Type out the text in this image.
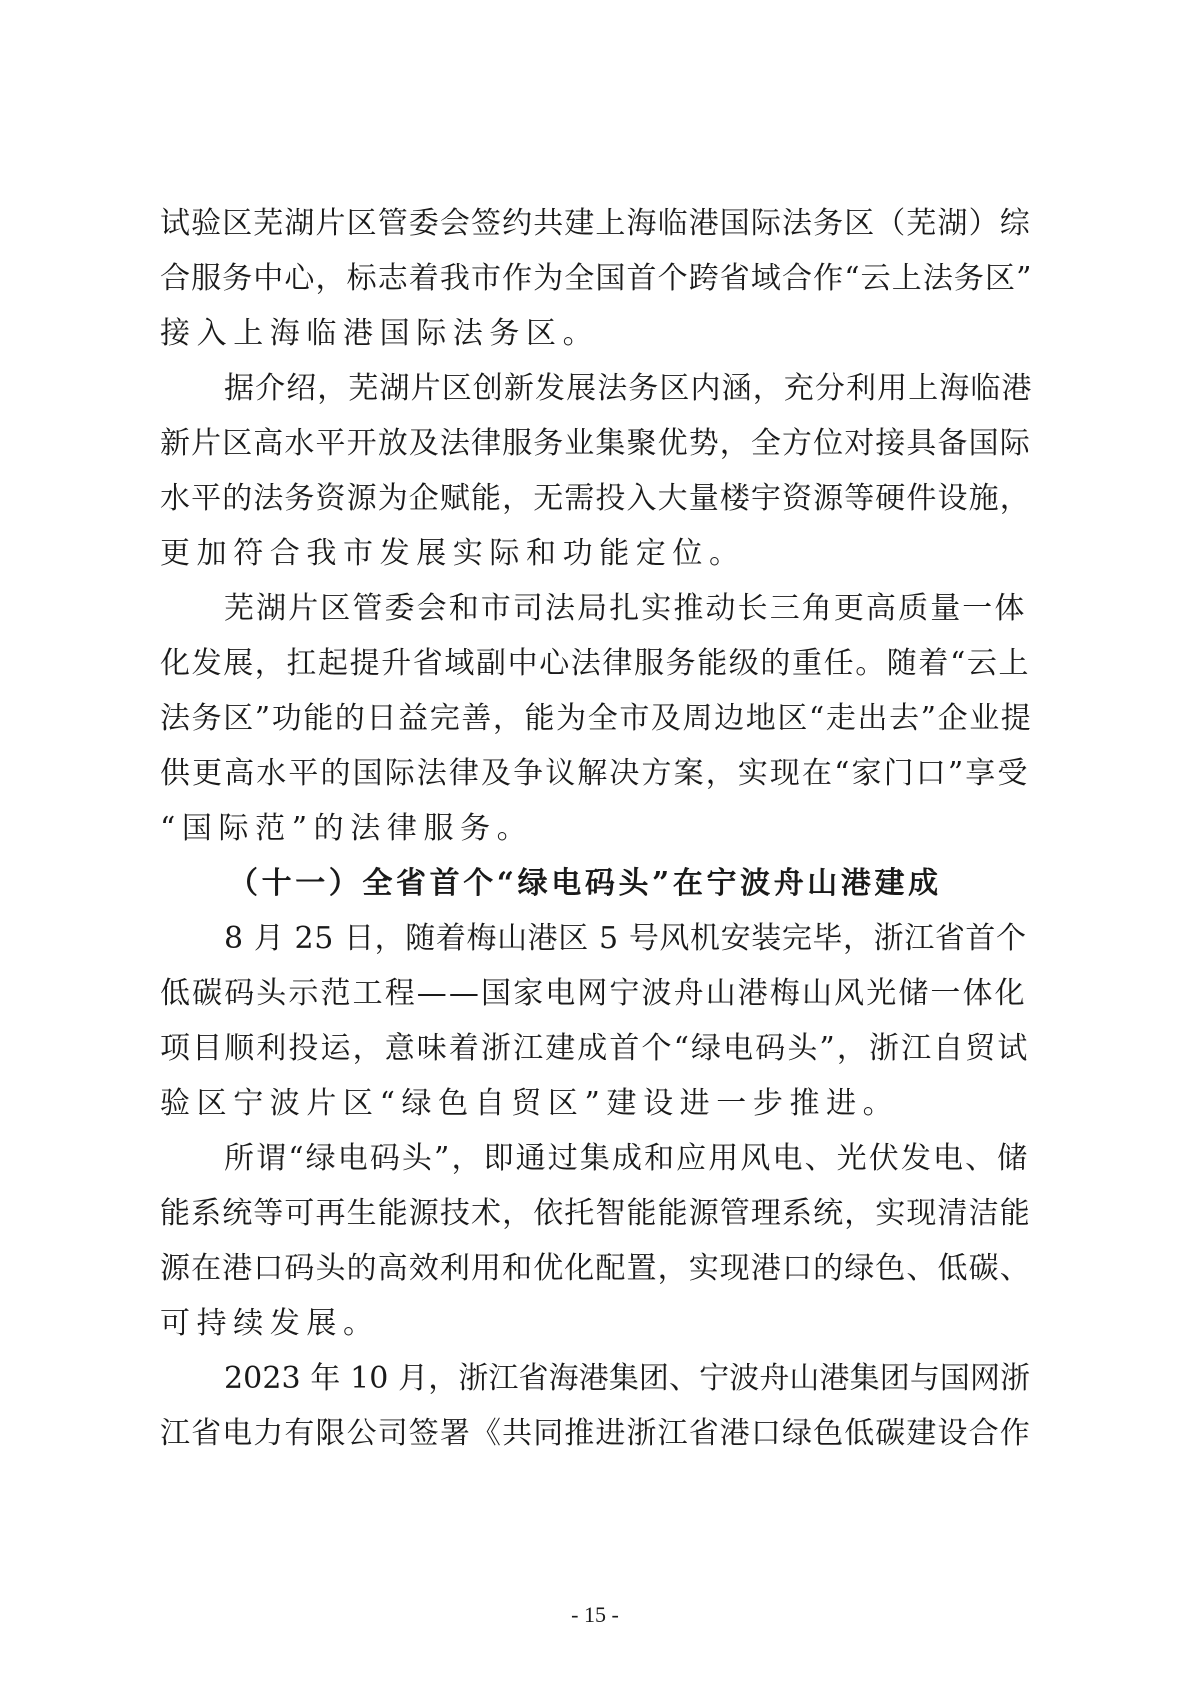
试验区芜湖片区管委会签约共建上海临港国际法务区（芜湖）综
合服务中心，标志着我市作为全国首个跨省域合作“云上法务区”
接入上海临港国际法务区。
据介绍，芜湖片区创新发展法务区内涵，充分利用上海临港
新片区高水平开放及法律服务业集聚优势，全方位对接具备国际
水平的法务资源为企赋能，无需投入大量楼宇资源等硬件设施，
更加符合我市发展实际和功能定位。
芜湖片区管委会和市司法局扎实推动长三角更高质量一体
化发展，扛起提升省域副中心法律服务能级的重任。随着“云上
法务区”功能的日益完善，能为全市及周边地区“走出去”企业提
供更高水平的国际法律及争议解决方案，实现在“家门口”享受
“国际范”的法律服务。
（十一）全省首个“绿电码头”在宁波舟山港建成
8 月 25 日，随着梅山港区 5 号风机安装完毕，浙江省首个
低碳码头示范工程——国家电网宁波舟山港梅山风光储一体化
项目顺利投运，意味着浙江建成首个“绿电码头”，浙江自贸试
验区宁波片区“绿色自贸区”建设进一步推进。
所谓“绿电码头”，即通过集成和应用风电、光伏发电、储
能系统等可再生能源技术，依托智能能源管理系统，实现清洁能
源在港口码头的高效利用和优化配置，实现港口的绿色、低碳、
可持续发展。
2023 年 10 月，浙江省海港集团、宁波舟山港集团与国网浙
江省电力有限公司签署《共同推进浙江省港口绿色低碳建设合作
- 15 -
